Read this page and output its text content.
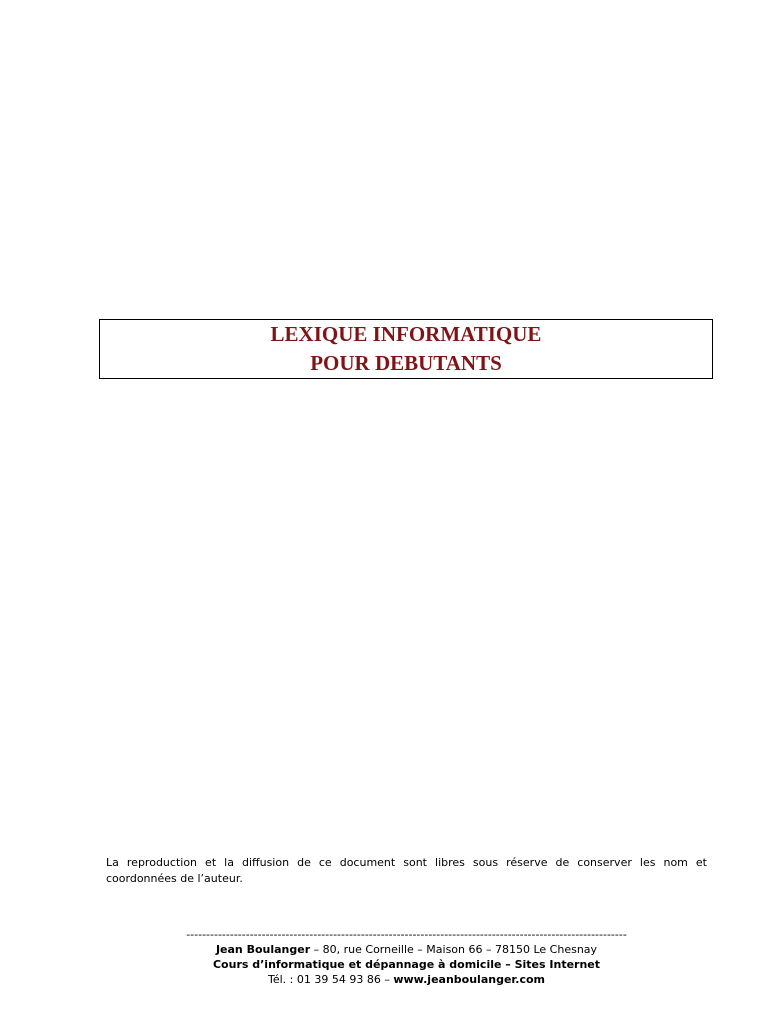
LEXIQUE INFORMATIQUE
POUR DEBUTANTS
La reproduction et la diffusion de ce document sont libres sous réserve de conserver les nom et coordonnées de l’auteur.
---------------------------------------------------------------------------------------------------------------
Jean Boulanger – 80, rue Corneille – Maison 66 – 78150 Le Chesnay
Cours d’informatique et dépannage à domicile – Sites Internet
Tél. : 01 39 54 93 86 – www.jeanboulanger.com
